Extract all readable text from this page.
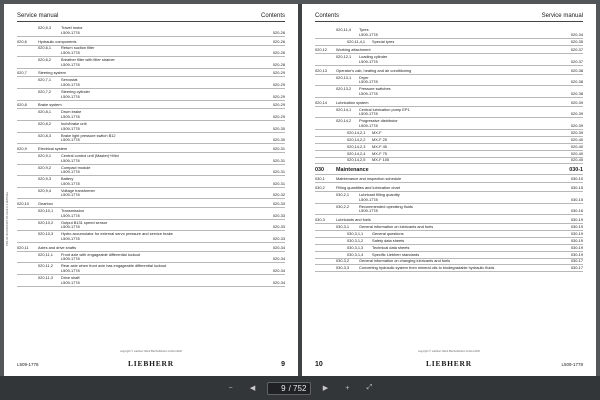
Service manual	Contents
PDF ID:ID-00000187-05-0123-0.1.0b8734a
020,5,3	Travel motor
L509-1778	020-26
020,6	Hydraulic components	020-26
020,6,1	Return suction filter
L509-1778	020-26
020,6,2	Breather filter with filter strainer
L509-1778	020-28
020,7	Steering system	020-29
020,7,1	Servostat
L509-1778	020-29
020,7,2	Steering cylinder
L509-1778	020-29
020,8	Brake system	020-29
020,8,1	Drum brake
L509-1778	020-29
020,8,2	Inch/brake unit
L509-1778	020-30
020,8,3	Brake light pressure switch B12
L509-1778	020-30
020,9	Electrical system	020-31
020,9,1	Central control unit (Master)+Mini
L509-1778	020-31
020,9,2	Compact module
L509-1778	020-31
020,9,3	Battery
L509-1778	020-31
020,9,4	Voltage transformer
L509-1778	020-32
020,10	Gearbox	020-33
020,10,1	Transmission
L509-1778	020-33
020,10,2	Output B131 speed sensor
L509-1778	020-33
020,10,3	Hydro accumulator for external servo pressure and service brake
L509-1778	020-33
020,11	Axles and drive shafts	020-34
020,11,1	Front axle with engageable differential lockout
L509-1778	020-34
020,11,2	Rear axle when front axle has engageable differential lockout
L509-1778	020-34
020,11,3	Drive shaft
L509-1778	020-34
copyright © Liebherr-Werk Bischofshofen GmbH 2020
L509-1778	LIEBHERR	9
Contents	Service manual
020,11,4	Tyres
L509-1778	020-34
020,11,4,1	Special tyres	020-35
020,12	Working attachment	020-37
020,12,1	Loading cylinder
L509-1778	020-37
020,13	Operator's cab, heating and air conditioning	020-38
020,13,1	Dryer
L509-1778	020-38
020,13,2	Pressure switches
L509-1778	020-38
020,14	Lubrication system	020-39
020,14,1	Central lubrication pump EP1
L509-1778	020-39
020,14,2	Progressive distributor
L509-1778	020-39
020,14,2,1	MX-F	020-39
020,14,2,2	MX-F 25	020-40
020,14,2,3	MX-F 45	020-40
020,14,2,4	MX-F 75	020-40
020,14,2,5	MX-F 105	020-40
030	Maintenance	030-1
030,1	Maintenance and inspection schedule	030-10
030,2	Filling quantities and lubrication chart	030-15
030,2,1	Lubricant filling quantity
L509-1778	030-15
030,2,2	Recommended operating fluids
L509-1778	030-16
030,3	Lubricants and fuels	030-19
030,3,1	General information on lubricants and fuels	030-19
030,3,1,1	General questions	030-19
030,3,1,2	Safety data sheets	030-19
030,3,1,3	Technical data sheets	030-19
030,3,1,4	Specific Liebherr standards	030-19
030,3,2	General information on changing lubricants and fuels	030-17
030,3,3	Converting hydraulic system from mineral oils to biodegradable hydraulic fluids	030-17
copyright © Liebherr-Werk Bischofshofen GmbH 2020
10	LIEBHERR	L509-1778
−	◀
9	/ 752	▶	+	⤢
